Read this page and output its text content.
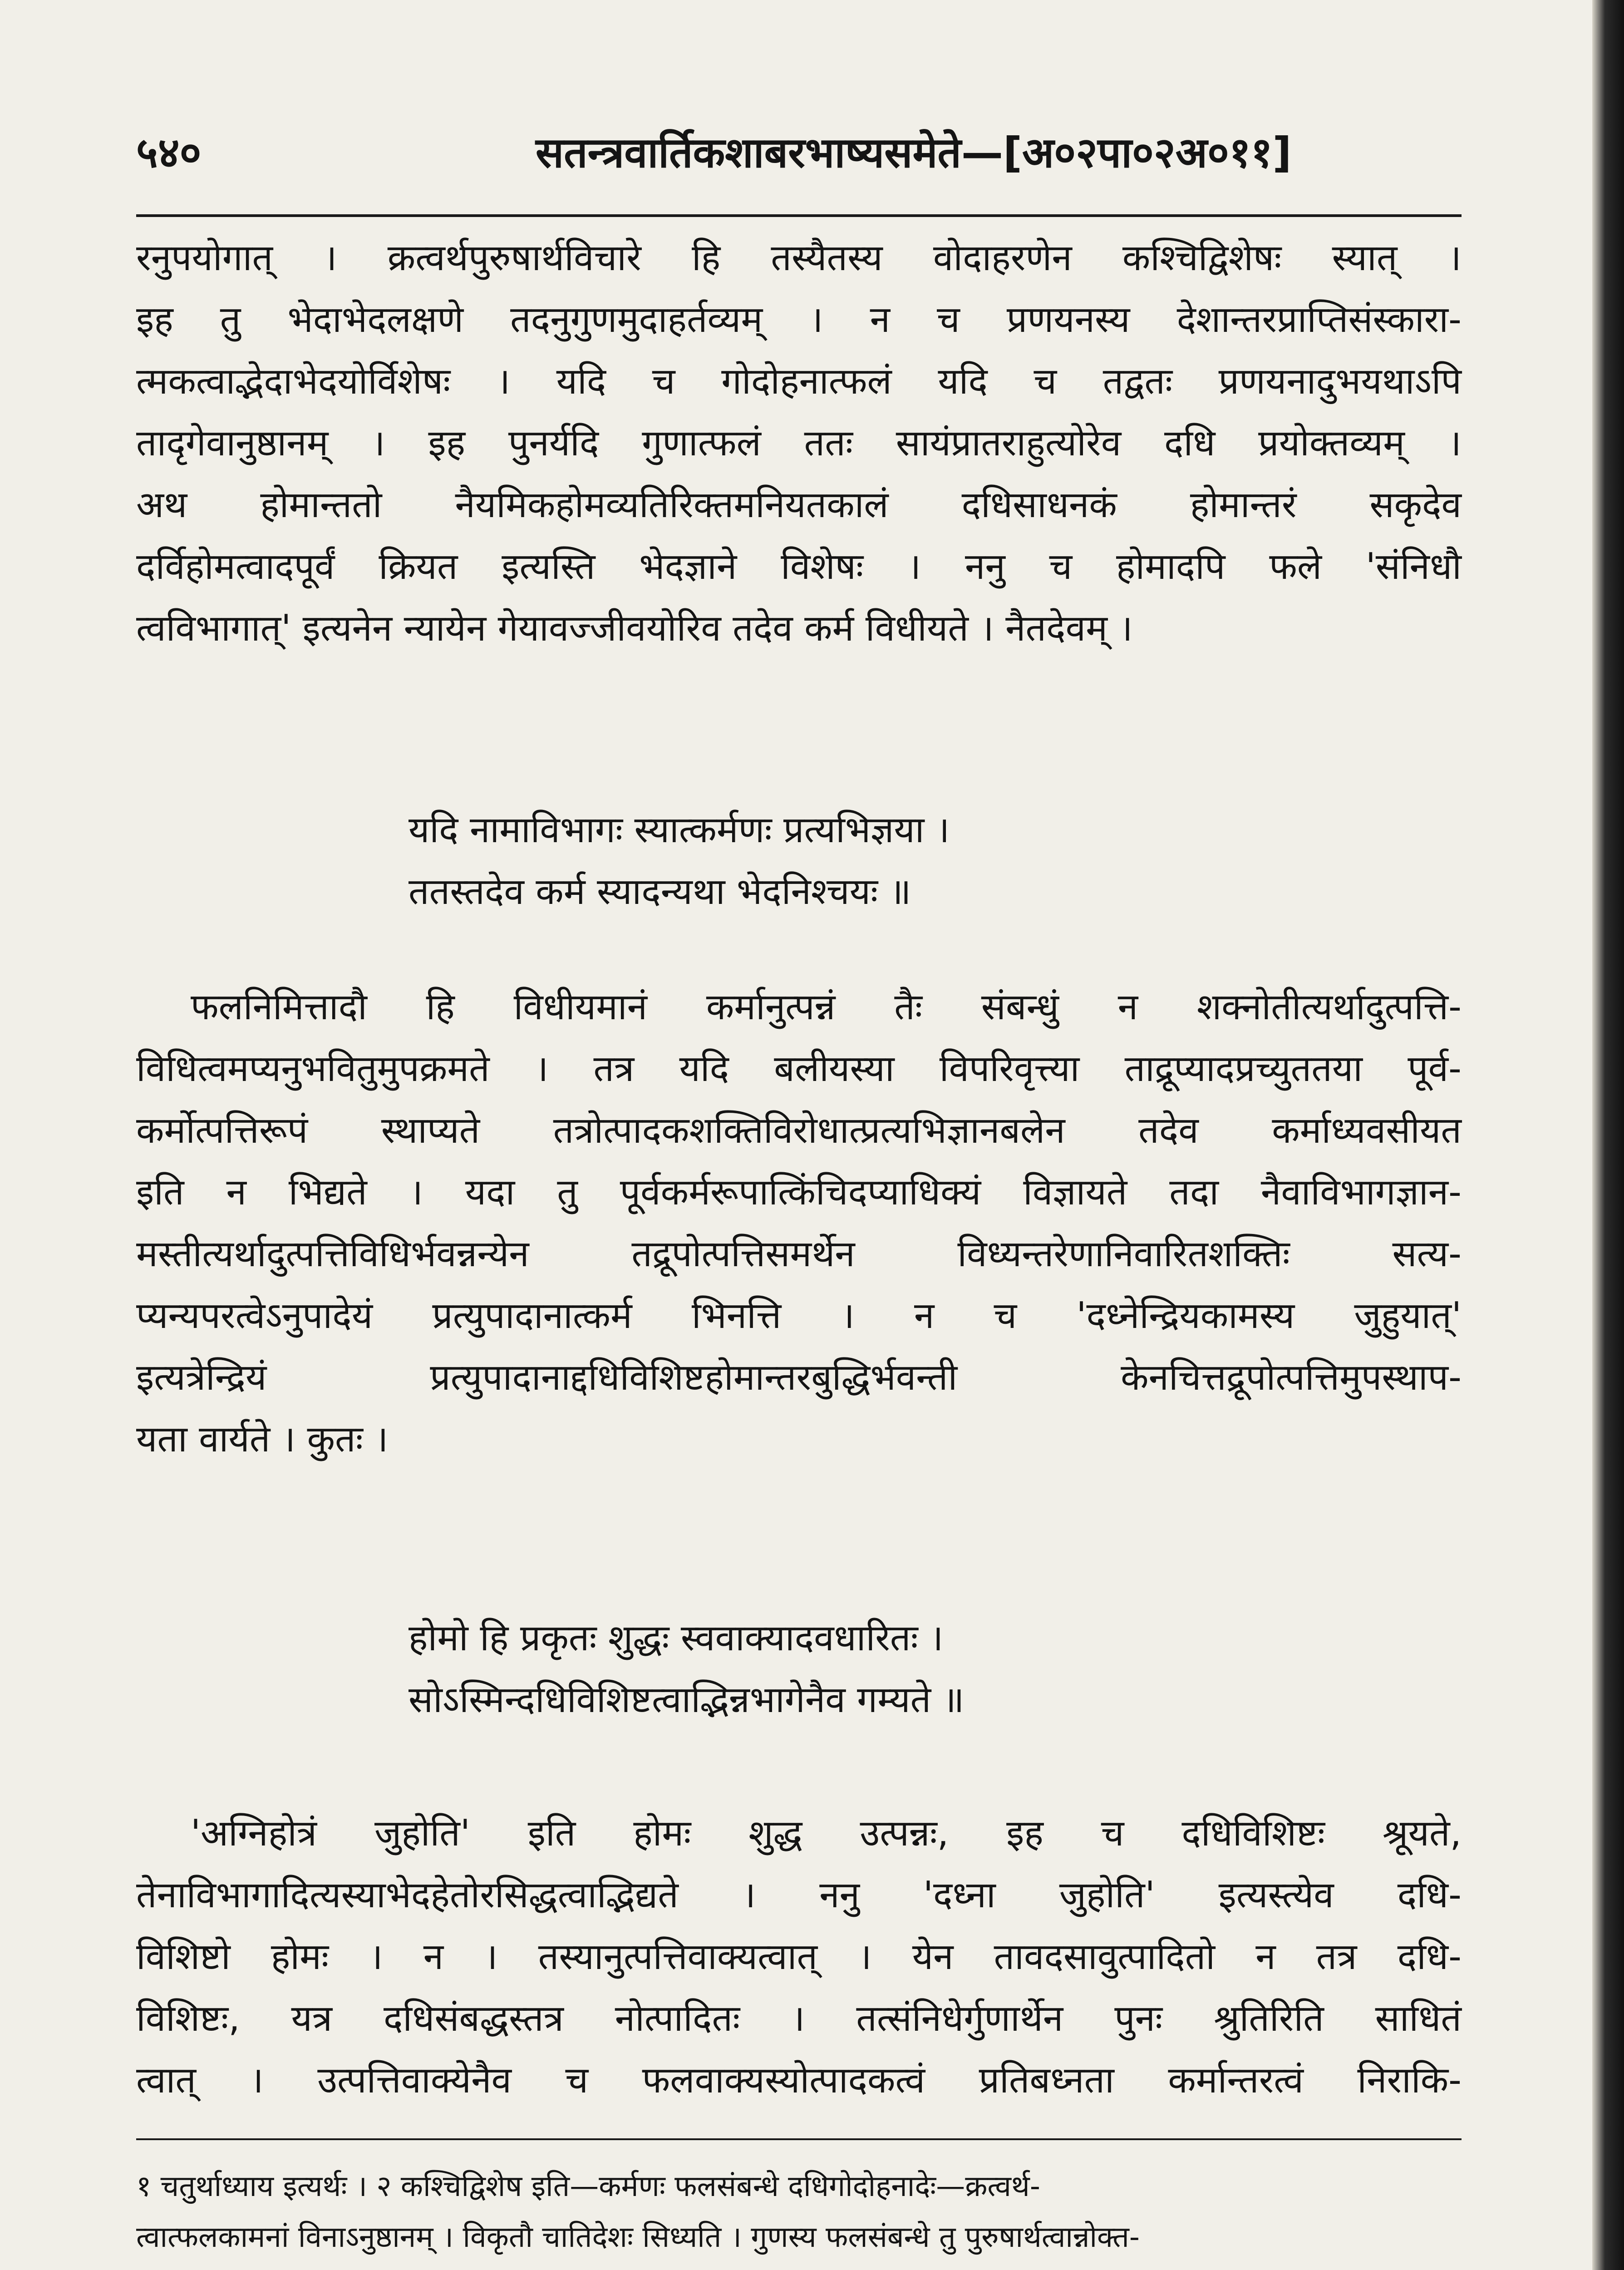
५४०	सतन्त्रवार्तिकशाबरभाष्यसमेते—[अ०२पा०२अ०११]
रनुपयोगात् । क्रत्वर्थपुरुषार्थविचारे हि तस्यैतस्य वोदाहरणेन कश्चिद्विशेषः स्यात् ।
इह तु भेदाभेदलक्षणे तदनुगुणमुदाहर्तव्यम् । न च प्रणयनस्य देशान्तरप्राप्तिसंस्कारा-
त्मकत्वाद्भेदाभेदयोर्विशेषः । यदि च गोदोहनात्फलं यदि च तद्वतः प्रणयनादुभयथाऽपि
तादृगेवानुष्ठानम् । इह पुनर्यदि गुणात्फलं ततः सायंप्रातराहुत्योरेव दधि प्रयोक्तव्यम् ।
अथ होमान्ततो नैयमिकहोमव्यतिरिक्तमनियतकालं दधिसाधनकं होमान्तरं सकृदेव
दर्विहोमत्वादपूर्वं क्रियत इत्यस्ति भेदज्ञाने विशेषः । ननु च होमादपि फले 'संनिधौ
त्वविभागात्' इत्यनेन न्यायेन गेयावज्जीवयोरिव तदेव कर्म विधीयते । नैतदेवम् ।
यदि नामाविभागः स्यात्कर्मणः प्रत्यभिज्ञया ।
ततस्तदेव कर्म स्यादन्यथा भेदनिश्चयः ॥
फलनिमित्तादौ हि विधीयमानं कर्मानुत्पन्नं तैः संबन्धुं न शक्नोतीत्यर्थादुत्पत्ति-
विधित्वमप्यनुभवितुमुपक्रमते । तत्र यदि बलीयस्या विपरिवृत्त्या ताद्रूप्यादप्रच्युततया पूर्व-
कर्मोत्पत्तिरूपं स्थाप्यते तत्रोत्पादकशक्तिविरोधात्प्रत्यभिज्ञानबलेन तदेव कर्माध्यवसीयत
इति न भिद्यते । यदा तु पूर्वकर्मरूपात्किंचिदप्याधिक्यं विज्ञायते तदा नैवाविभागज्ञान-
मस्तीत्यर्थादुत्पत्तिविधिर्भवन्नन्येन तद्रूपोत्पत्तिसमर्थेन विध्यन्तरेणानिवारितशक्तिः सत्य-
प्यन्यपरत्वेऽनुपादेयं प्रत्युपादानात्कर्म भिनत्ति । न च 'दध्नेन्द्रियकामस्य जुहुयात्'
इत्यत्रेन्द्रियं प्रत्युपादानाद्दधिविशिष्टहोमान्तरबुद्धिर्भवन्ती केनचित्तद्रूपोत्पत्तिमुपस्थाप-
यता वार्यते । कुतः ।
होमो हि प्रकृतः शुद्धः स्ववाक्यादवधारितः ।
सोऽस्मिन्दधिविशिष्टत्वाद्भिन्नभागेनैव गम्यते ॥
'अग्निहोत्रं जुहोति' इति होमः शुद्ध उत्पन्नः, इह च दधिविशिष्टः श्रूयते,
तेनाविभागादित्यस्याभेदहेतोरसिद्धत्वाद्भिद्यते । ननु 'दध्ना जुहोति' इत्यस्त्येव दधि-
विशिष्टो होमः । न । तस्यानुत्पत्तिवाक्यत्वात् । येन तावदसावुत्पादितो न तत्र दधि-
विशिष्टः, यत्र दधिसंबद्धस्तत्र नोत्पादितः । तत्संनिधेर्गुणार्थेन पुनः श्रुतिरिति साधितं
त्वात् । उत्पत्तिवाक्येनैव च फलवाक्यस्योत्पादकत्वं प्रतिबध्नता कर्मान्तरत्वं निराकि-
१ चतुर्थाध्याय इत्यर्थः । २ कश्चिद्विशेष इति—कर्मणः फलसंबन्धे दधिगोदोहनादेः—क्रत्वर्थ-
त्वात्फलकामनां विनाऽनुष्ठानम् । विकृतौ चातिदेशः सिध्यति । गुणस्य फलसंबन्धे तु पुरुषार्थत्वान्नोक्त-
